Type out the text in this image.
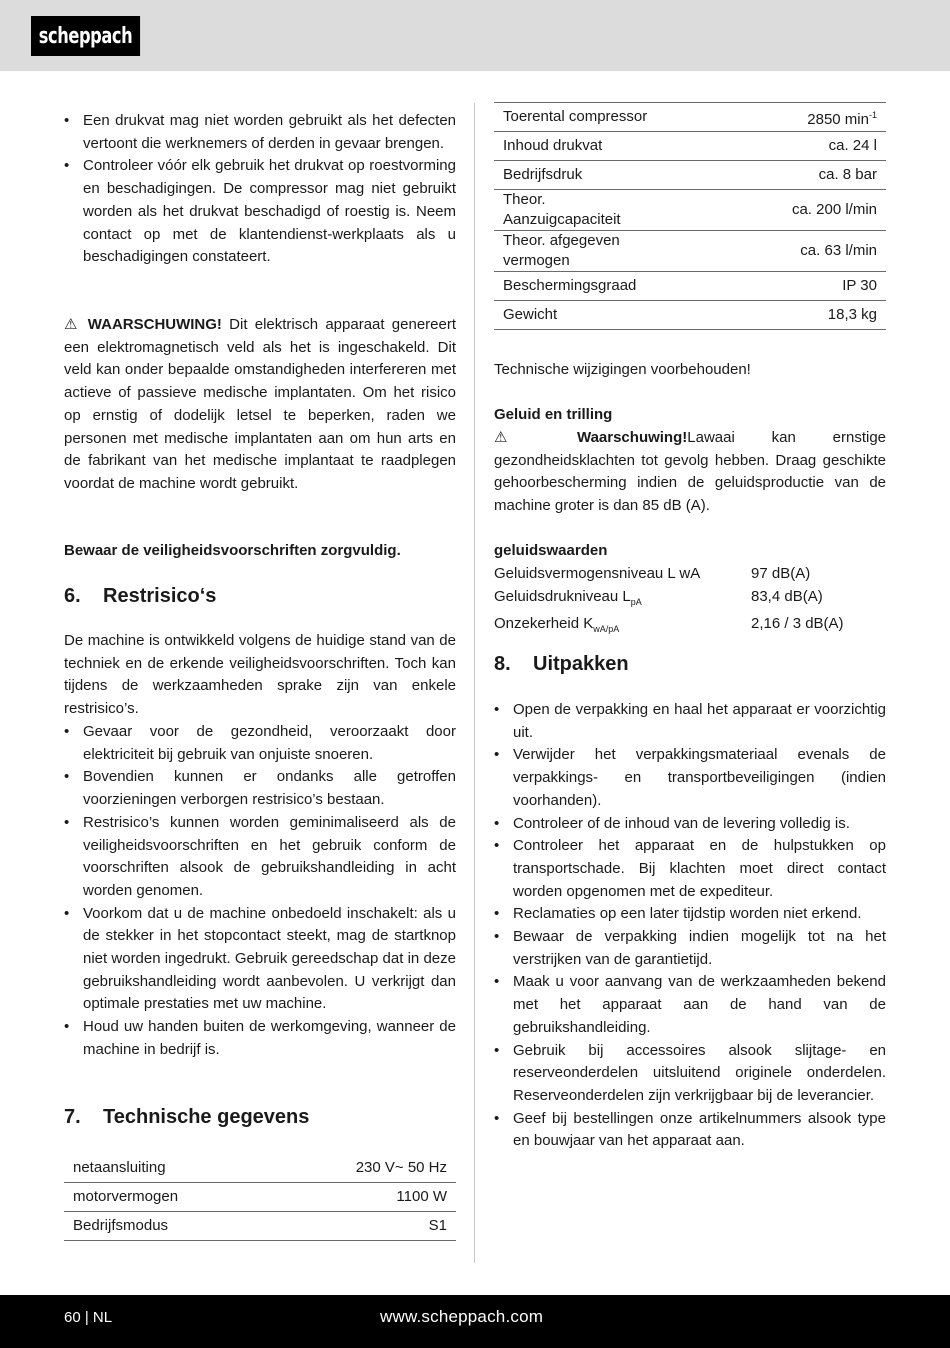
scheppach
• Een drukvat mag niet worden gebruikt als het defecten vertoont die werknemers of derden in gevaar brengen.
• Controleer vóór elk gebruik het drukvat op roestvorming en beschadigingen. De compressor mag niet gebruikt worden als het drukvat beschadigd of roestig is. Neem contact op met de klantendienst-werkplaats als u beschadigingen constateert.

⚠ WAARSCHUWING! Dit elektrisch apparaat genereert een elektromagnetisch veld als het is ingeschakeld. Dit veld kan onder bepaalde omstandigheden interfereren met actieve of passieve medische implantaten. Om het risico op ernstig of dodelijk letsel te beperken, raden we personen met medische implantaten aan om hun arts en de fabrikant van het medische implantaat te raadplegen voordat de machine wordt gebruikt.

Bewaar de veiligheidsvoorschriften zorgvuldig.

6. Restrisico‘s

De machine is ontwikkeld volgens de huidige stand van de techniek en de erkende veiligheidsvoorschriften. Toch kan tijdens de werkzaamheden sprake zijn van enkele restrisico’s.

• Gevaar voor de gezondheid, veroorzaakt door elektriciteit bij gebruik van onjuiste snoeren.
• Bovendien kunnen er ondanks alle getroffen voorzieningen verborgen restrisico’s bestaan.
• Restrisico’s kunnen worden geminimaliseerd als de veiligheidsvoorschriften en het gebruik conform de voorschriften alsook de gebruikshandleiding in acht worden genomen.
• Voorkom dat u de machine onbedoeld inschakelt: als u de stekker in het stopcontact steekt, mag de startknop niet worden ingedrukt. Gebruik gereedschap dat in deze gebruikshandleiding wordt aanbevolen. U verkrijgt dan optimale prestaties met uw machine.
• Houd uw handen buiten de werkomgeving, wanneer de machine in bedrijf is.
7. Technische gegevens
netaansluiting	230 V~ 50 Hz
motorvermogen	1100 W
Bedrijfsmodus	S1
Toerental compressor	2850 $\min^{-1}$
Inhoud drukvat	ca. 24 l
Bedrijfsdruk	ca. 8 bar
Theor. Aanzuigcapaciteit	ca. 200 l/min
Theor. afgegeven vermogen	ca. 63 l/min
Beschermingsgraad	IP 30
Gewicht	18,3 kg

Technische wijzigingen voorbehouden!

Geluid en trilling

⚠ Waarschuwing!Lawaai kan ernstige gezondheidsklachten tot gevolg hebben. Draag geschikte gehoorbescherming indien de geluidsproductie van de machine groter is dan 85 dB (A).

geluidswaarden

Geluidsvermogensniveau L wA	97 dB(A)
Geluidsdrukniveau $L_{pA}$	83,4 dB(A)
Onzekerheid $K_{wA/pA}$	2,16 / 3 dB(A)
8. Uitpakken
• Open de verpakking en haal het apparaat er voorzichtig uit.
• Verwijder het verpakkingsmateriaal evenals de verpakkings- en transportbeveiligingen (indien voorhanden).
• Controleer of de inhoud van de levering volledig is.
• Controleer het apparaat en de hulpstukken op transportschade. Bij klachten moet direct contact worden opgenomen met de expediteur.
• Reclamaties op een later tijdstip worden niet erkend.
• Bewaar de verpakking indien mogelijk tot na het verstrijken van de garantietijd.
• Maak u voor aanvang van de werkzaamheden bekend met het apparaat aan de hand van de gebruikshandleiding.
• Gebruik bij accessoires alsook slijtage- en reserveonderdelen uitsluitend originele onderdelen. Reserveonderdelen zijn verkrijgbaar bij de leverancier.
• Geef bij bestellingen onze artikelnummers alsook type en bouwjaar van het apparaat aan.
60 | NL	www.scheppach.com
